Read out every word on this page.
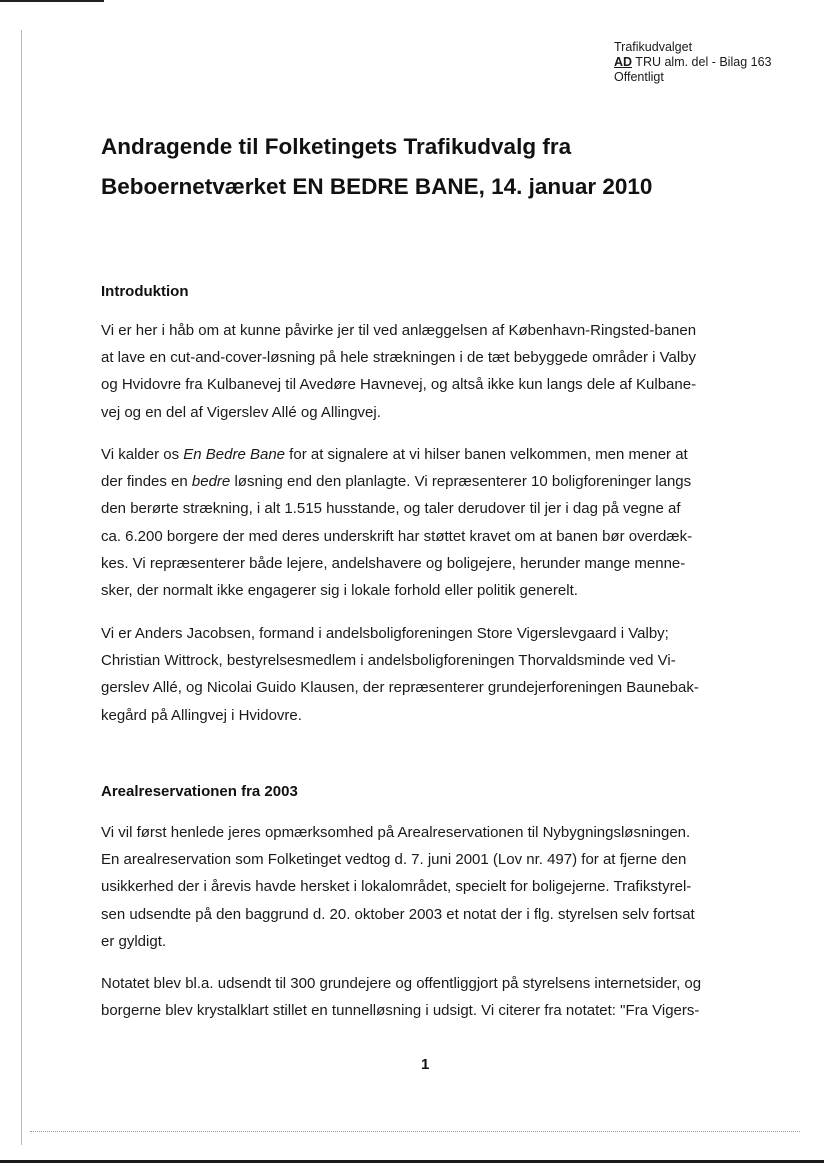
Trafikudvalget
AD TRU alm. del - Bilag 163
Offentligt
Andragende til Folketingets Trafikudvalg fra
Beboernetværket EN BEDRE BANE, 14. januar 2010
Introduktion

Vi er her i håb om at kunne påvirke jer til ved anlæggelsen af København-Ringsted-banen
at lave en cut-and-cover-løsning på hele strækningen i de tæt bebyggede områder i Valby
og Hvidovre fra Kulbanevej til Avedøre Havnevej, og altså ikke kun langs dele af Kulbane-
vej og en del af Vigerslev Allé og Allingvej.

Vi kalder os En Bedre Bane for at signalere at vi hilser banen velkommen, men mener at
der findes en bedre løsning end den planlagte. Vi repræsenterer 10 boligforeninger langs
den berørte strækning, i alt 1.515 husstande, og taler derudover til jer i dag på vegne af
ca. 6.200 borgere der med deres underskrift har støttet kravet om at banen bør overdæk-
kes. Vi repræsenterer både lejere, andelshavere og boligejere, herunder mange menne-
sker, der normalt ikke engagerer sig i lokale forhold eller politik generelt.

Vi er Anders Jacobsen, formand i andelsboligforeningen Store Vigerslevgaard i Valby;
Christian Wittrock, bestyrelsesmedlem i andelsboligforeningen Thorvaldsminde ved Vi-
gerslev Allé, og Nicolai Guido Klausen, der repræsenterer grundejerforeningen Baunebak-
kegård på Allingvej i Hvidovre.

Arealreservationen fra 2003

Vi vil først henlede jeres opmærksomhed på Arealreservationen til Nybygningsløsningen.
En arealreservation som Folketinget vedtog d. 7. juni 2001 (Lov nr. 497) for at fjerne den
usikkerhed der i årevis havde hersket i lokalområdet, specielt for boligejerne. Trafikstyrel-
sen udsendte på den baggrund d. 20. oktober 2003 et notat der i flg. styrelsen selv fortsat
er gyldigt.

Notatet blev bl.a. udsendt til 300 grundejere og offentliggjort på styrelsens internetsider, og
borgerne blev krystalklart stillet en tunnelløsning i udsigt. Vi citerer fra notatet: "Fra Vigers-

1
